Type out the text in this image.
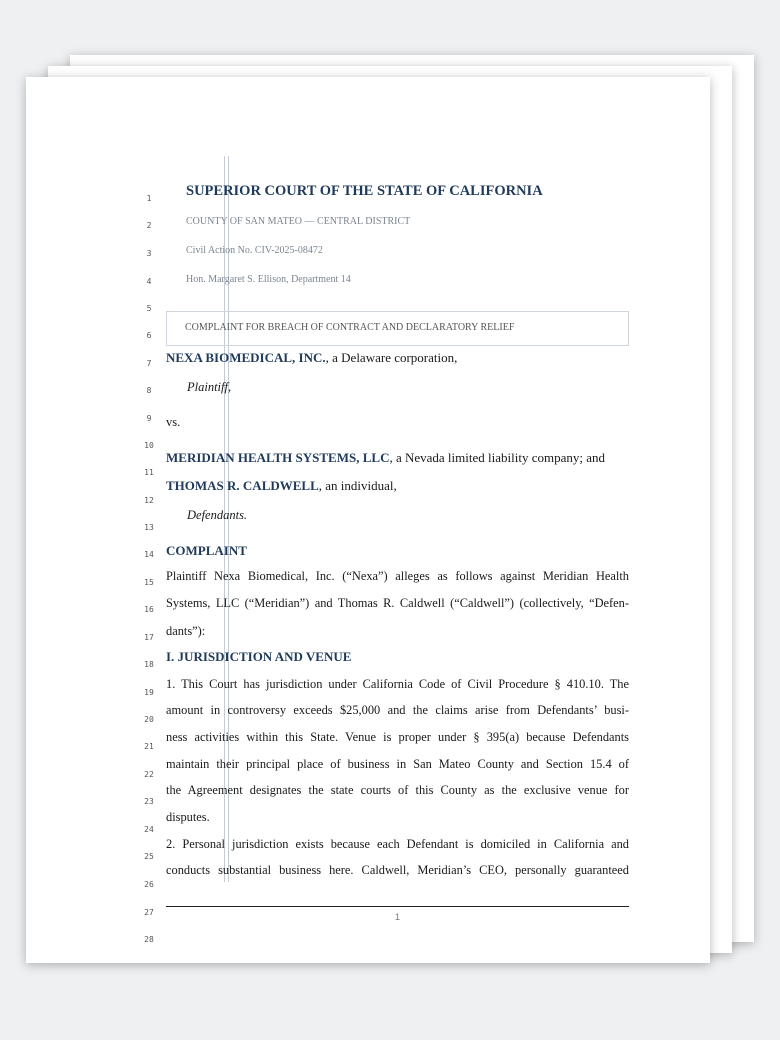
1
2
3
4
5
6
7
8
9
10
11
12
13
14
15
16
17
18
19
20
21
22
23
24
25
26
27
28
SUPERIOR COURT OF THE STATE OF CALIFORNIA
COUNTY OF SAN MATEO — CENTRAL DISTRICT
Civil Action No. CIV-2025-08472
Hon. Margaret S. Ellison, Department 14
COMPLAINT FOR BREACH OF CONTRACT AND DECLARATORY RELIEF
NEXA BIOMEDICAL, INC., a Delaware corporation,
Plaintiff,
vs.
MERIDIAN HEALTH SYSTEMS, LLC, a Nevada limited liability company; and
THOMAS R. CALDWELL, an individual,
Defendants.
COMPLAINT
Plaintiff Nexa Biomedical, Inc. (“Nexa”) alleges as follows against Meridian Health
Systems, LLC (“Meridian”) and Thomas R. Caldwell (“Caldwell”) (collectively, “Defen-
dants”):
I. JURISDICTION AND VENUE
1. This Court has jurisdiction under California Code of Civil Procedure § 410.10. The
amount in controversy exceeds $25,000 and the claims arise from Defendants’ busi-
ness activities within this State. Venue is proper under § 395(a) because Defendants
maintain their principal place of business in San Mateo County and Section 15.4 of
the Agreement designates the state courts of this County as the exclusive venue for
disputes.
2. Personal jurisdiction exists because each Defendant is domiciled in California and
conducts substantial business here. Caldwell, Meridian’s CEO, personally guaranteed
1
